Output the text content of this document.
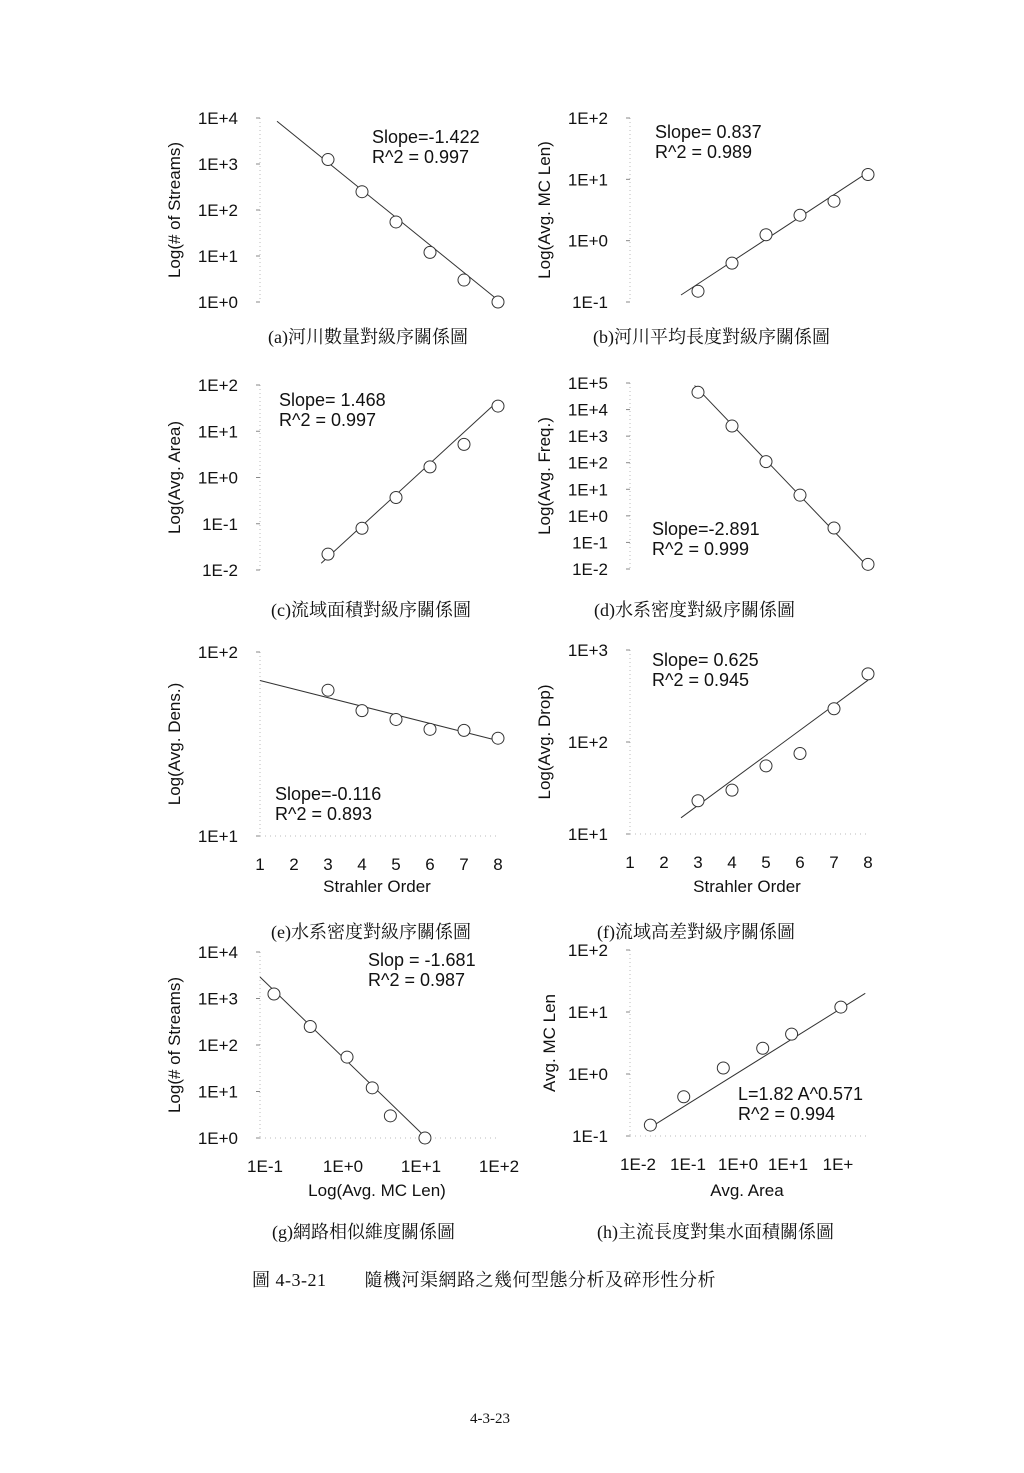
1E+0
1E+1
1E+2
1E+3
1E+4
Slope=-1.422
R^2 = 0.997
Log(# of Streams)
1E-1
1E+0
1E+1
1E+2
Slope= 0.837
R^2 = 0.989
Log(Avg. MC Len)
1E-2
1E-1
1E+0
1E+1
1E+2
Slope= 1.468
R^2 = 0.997
Log(Avg. Area)
1E-2
1E-1
1E+0
1E+1
1E+2
1E+3
1E+4
1E+5
Slope=-2.891
R^2 = 0.999
Log(Avg. Freq.)
1E+1
1E+2
1 2 3 4 5 6 7 8
Slope=-0.116
R^2 = 0.893
Log(Avg. Dens.)
Strahler Order
1E+1
1E+2
1E+3
1 2 3 4 5 6 7 8
Slope= 0.625
R^2 = 0.945
Log(Avg. Drop)
Strahler Order
1E+0
1E+1
1E+2
1E+3
1E+4
1E-1 1E+0 1E+1 1E+2
Slop = -1.681
R^2 = 0.987
Log(# of Streams)
Log(Avg. MC Len)
1E-1
1E+0
1E+1
1E+2
1E-2 1E-1 1E+0 1E+1 1E+
L=1.82 A^0.571
R^2 = 0.994
Avg. MC Len
Avg. Area
(a)河川數量對級序關係圖	(b)河川平均長度對級序關係圖
(c)流域面積對級序關係圖	(d)水系密度對級序關係圖
(e)水系密度對級序關係圖	(f)流域高差對級序關係圖
(g)網路相似維度關係圖	(h)主流長度對集水面積關係圖
圖 4-3-21 隨機河渠網路之幾何型態分析及碎形性分析
4-3-23
